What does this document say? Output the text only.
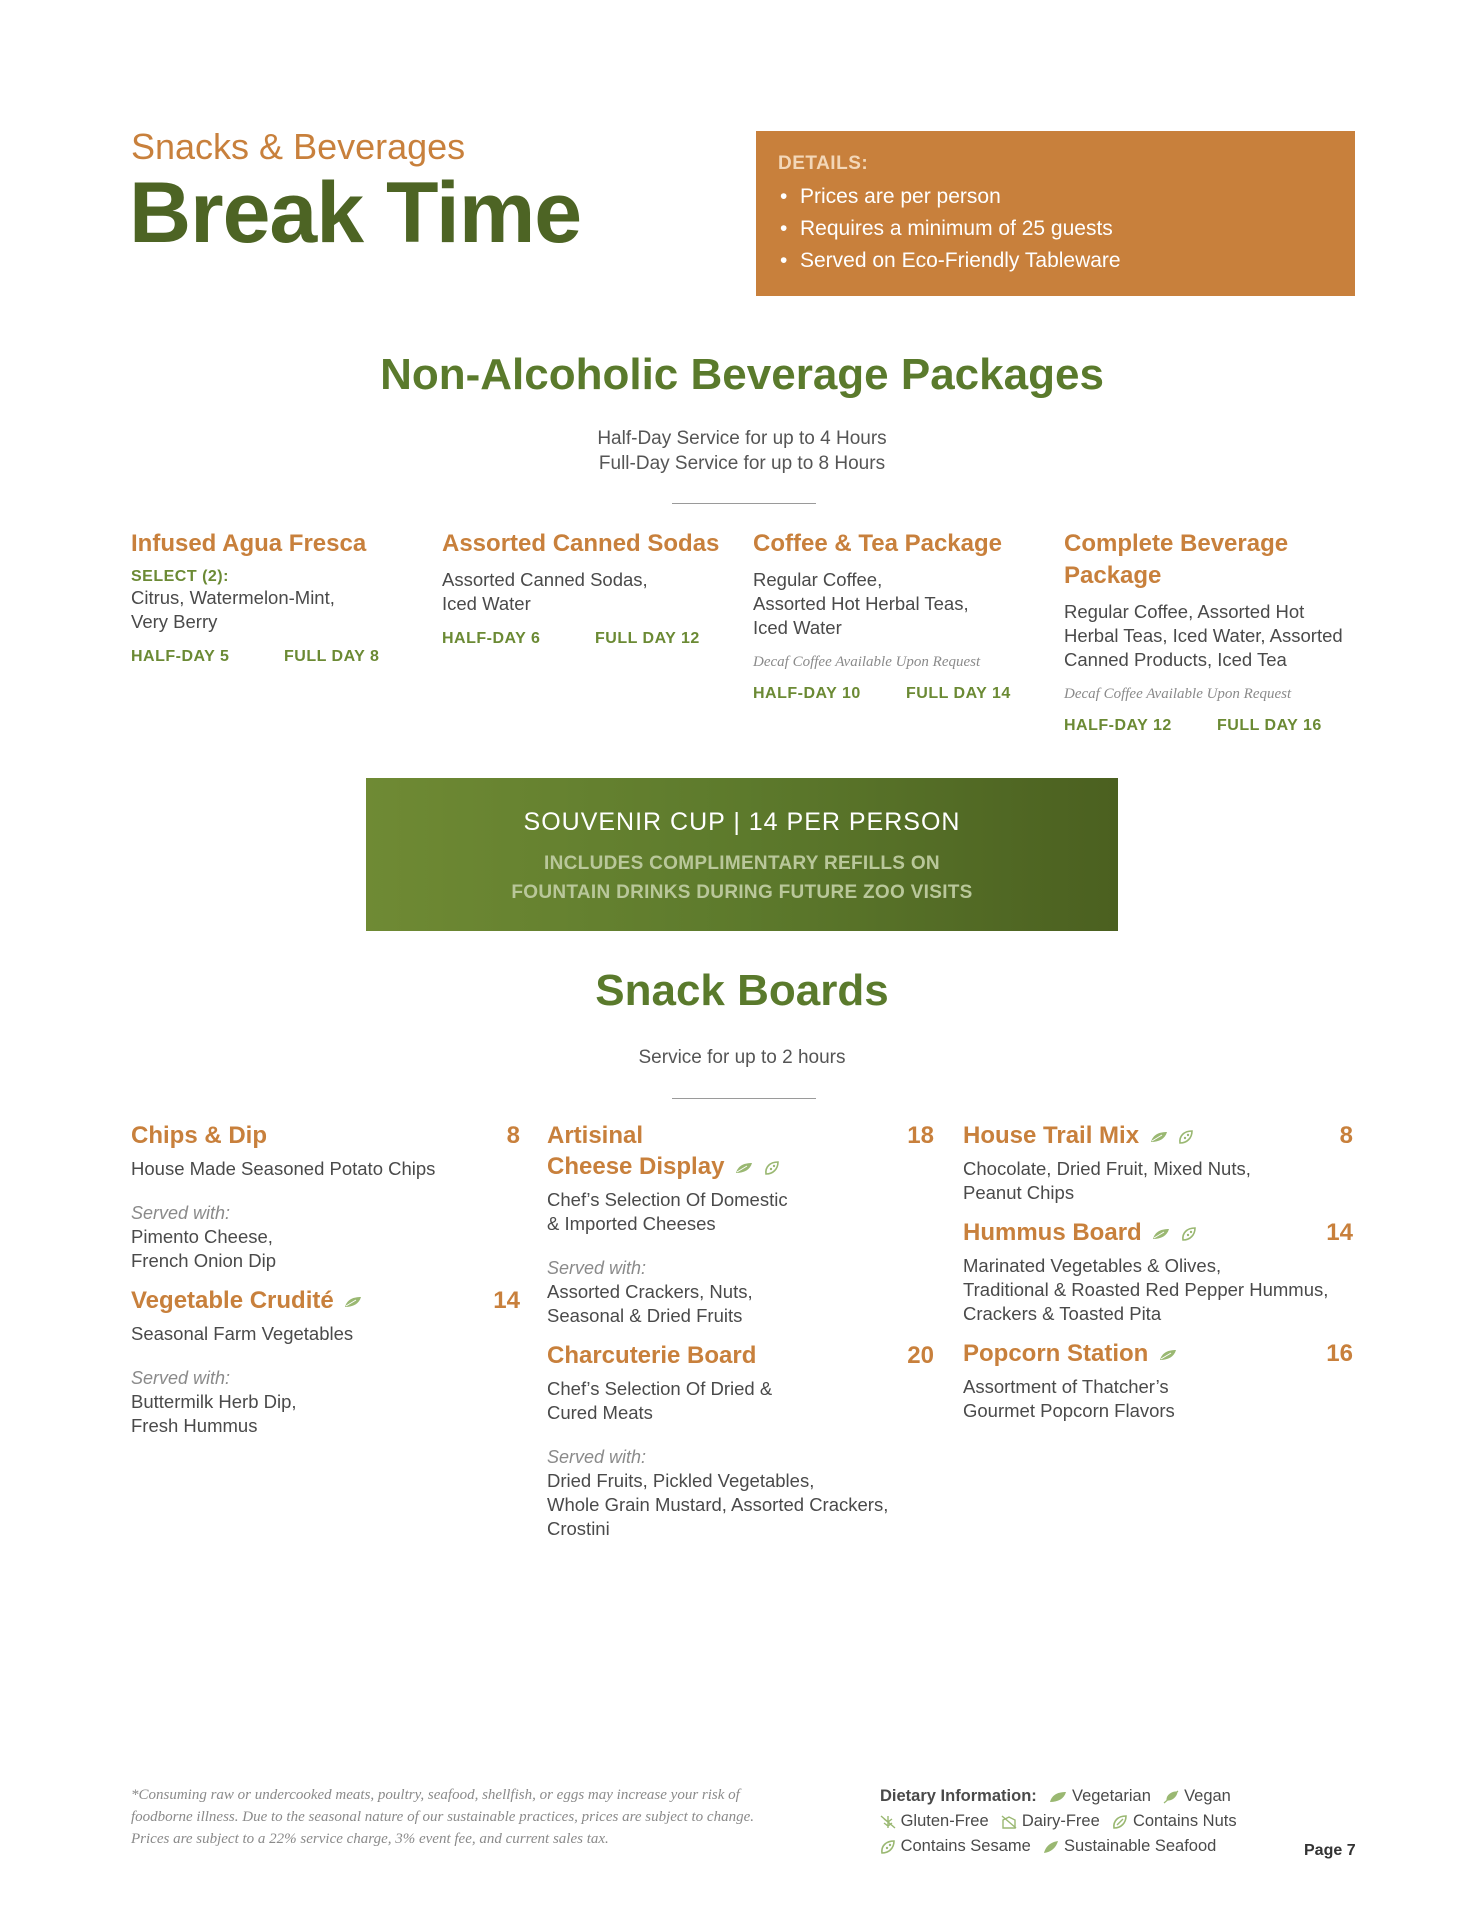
Snacks & Beverages
Break Time
DETAILS:
• Prices are per person
• Requires a minimum of 25 guests
• Served on Eco-Friendly Tableware
Non-Alcoholic Beverage Packages
Half-Day Service for up to 4 Hours
Full-Day Service for up to 8 Hours
Infused Agua Fresca
SELECT (2):
Citrus, Watermelon-Mint,
Very Berry
HALF-DAY 5	FULL DAY 8
Assorted Canned Sodas
Assorted Canned Sodas,
Iced Water
HALF-DAY 6	FULL DAY 12
Coffee & Tea Package
Regular Coffee,
Assorted Hot Herbal Teas,
Iced Water
Decaf Coffee Available Upon Request
HALF-DAY 10	FULL DAY 14
Complete Beverage
Package
Regular Coffee, Assorted Hot
Herbal Teas, Iced Water, Assorted
Canned Products, Iced Tea
Decaf Coffee Available Upon Request
HALF-DAY 12	FULL DAY 16
SOUVENIR CUP | 14 PER PERSON
INCLUDES COMPLIMENTARY REFILLS ON
FOUNTAIN DRINKS DURING FUTURE ZOO VISITS
Snack Boards
Service for up to 2 hours
Chips & Dip	8
House Made Seasoned Potato Chips
Served with:
Pimento Cheese,
French Onion Dip
Vegetable Crudité	14
Seasonal Farm Vegetables
Served with:
Buttermilk Herb Dip,
Fresh Hummus
Artisinal	18
Cheese Display
Chef’s Selection Of Domestic
& Imported Cheeses
Served with:
Assorted Crackers, Nuts,
Seasonal & Dried Fruits
Charcuterie Board	20
Chef’s Selection Of Dried &
Cured Meats
Served with:
Dried Fruits, Pickled Vegetables,
Whole Grain Mustard, Assorted Crackers,
Crostini
House Trail Mix	8
Chocolate, Dried Fruit, Mixed Nuts,
Peanut Chips
Hummus Board	14
Marinated Vegetables & Olives,
Traditional & Roasted Red Pepper Hummus,
Crackers & Toasted Pita
Popcorn Station	16
Assortment of Thatcher’s
Gourmet Popcorn Flavors
*Consuming raw or undercooked meats, poultry, seafood, shellfish, or eggs may increase your risk of
foodborne illness. Due to the seasonal nature of our sustainable practices, prices are subject to change.
Prices are subject to a 22% service charge, 3% event fee, and current sales tax.
Dietary Information: Vegetarian Vegan  Gluten-Free Dairy-Free Contains Nuts  Contains Sesame Sustainable Seafood	Page 7
